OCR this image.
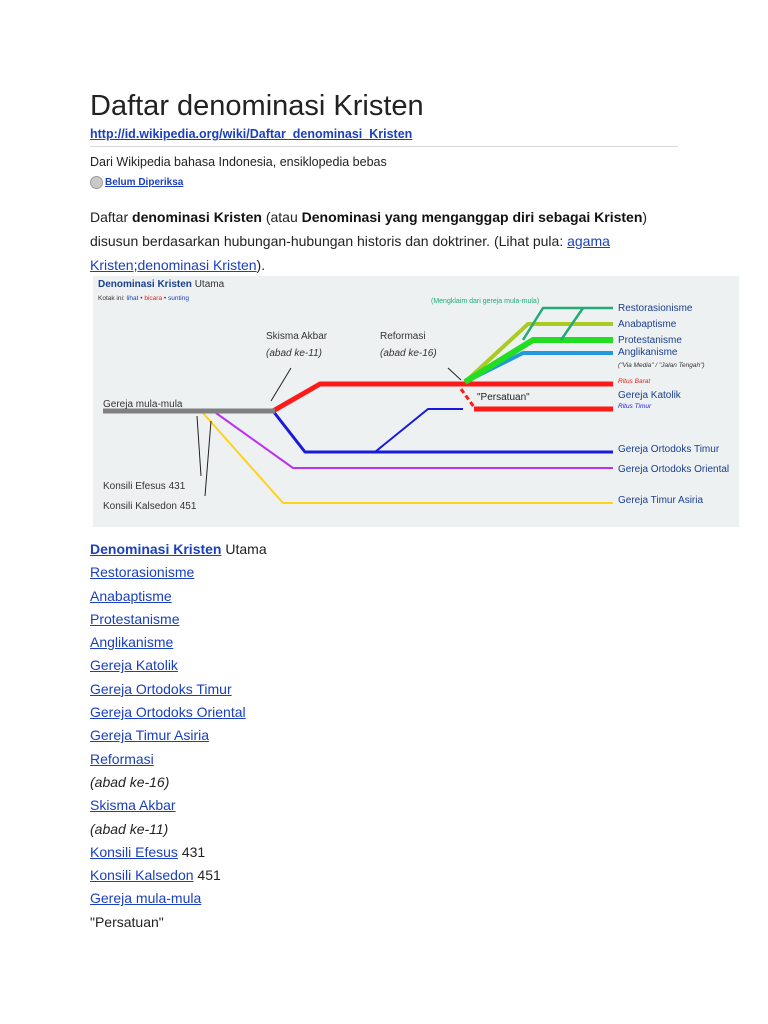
Daftar denominasi Kristen
http://id.wikipedia.org/wiki/Daftar_denominasi_Kristen
Dari Wikipedia bahasa Indonesia, ensiklopedia bebas
Belum Diperiksa
Daftar denominasi Kristen (atau Denominasi yang menganggap diri sebagai Kristen) disusun berdasarkan hubungan-hubungan historis dan doktriner. (Lihat pula: agama Kristen;denominasi Kristen).
Denominasi Kristen Utama
Kotak ini: lihat • bicara • sunting	(Mengklaim dari gereja mula-mula)
Gereja mula-mula
Skisma Akbar
(abad ke-11)
Reformasi
(abad ke-16)
"Persatuan"
Konsili Efesus 431
Konsili Kalsedon 451
Restorasionisme
Anabaptisme
Protestanisme
Anglikanisme
("Via Media" / "Jalan Tengah")
Ritus Barat
Gereja Katolik
Ritus Timur
Gereja Ortodoks Timur
Gereja Ortodoks Oriental
Gereja Timur Asiria
Denominasi Kristen Utama
Restorasionisme
Anabaptisme
Protestanisme
Anglikanisme
Gereja Katolik
Gereja Ortodoks Timur
Gereja Ortodoks Oriental
Gereja Timur Asiria
Reformasi
(abad ke-16)
Skisma Akbar
(abad ke-11)
Konsili Efesus 431
Konsili Kalsedon 451
Gereja mula-mula
"Persatuan"
